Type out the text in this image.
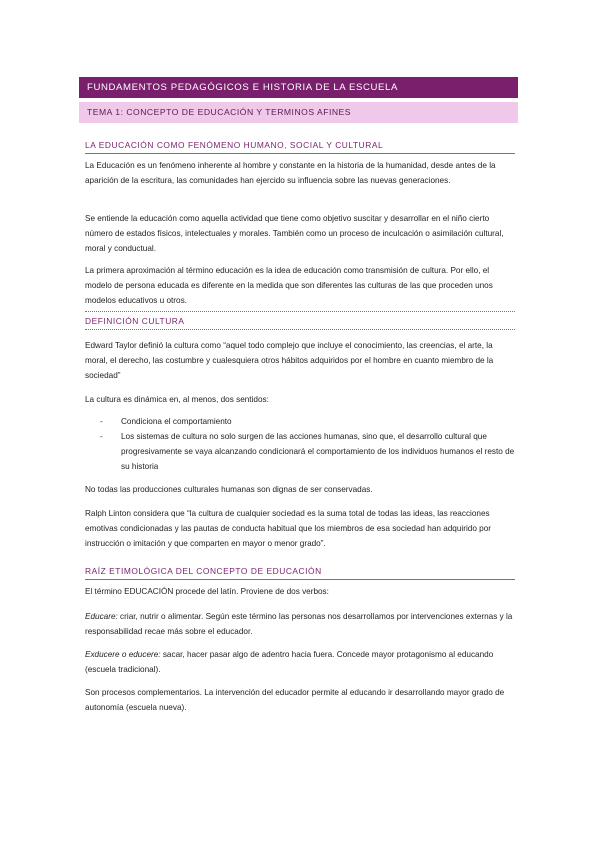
FUNDAMENTOS PEDAGÓGICOS E HISTORIA DE LA ESCUELA
TEMA 1: CONCEPTO DE EDUCACIÓN Y TERMINOS AFINES
LA EDUCACIÓN COMO FENÓMENO HUMANO, SOCIAL Y CULTURAL

La Educación es un fenómeno inherente al hombre y constante en la historia de la humanidad, desde antes de la aparición de la escritura, las comunidades han ejercido su influencia sobre las nuevas generaciones.

Se entiende la educación como aquella actividad que tiene como objetivo suscitar y desarrollar en el niño cierto número de estados físicos, intelectuales y morales. También como un proceso de inculcación o asimilación cultural, moral y conductual.

La primera aproximación al término educación es la idea de educación como transmisión de cultura. Por ello, el modelo de persona educada es diferente en la medida que son diferentes las culturas de las que proceden unos modelos educativos u otros.

DEFINICIÓN CULTURA

Edward Taylor definió la cultura como “aquel todo complejo que incluye el conocimiento, las creencias, el arte, la moral, el derecho, las costumbre y cualesquiera otros hábitos adquiridos por el hombre en cuanto miembro de la sociedad”

La cultura es dinámica en, al menos, dos sentidos:

- Condiciona el comportamiento
- Los sistemas de cultura no solo surgen de las acciones humanas, sino que, el desarrollo cultural que progresivamente se vaya alcanzando condicionará el comportamiento de los individuos humanos el resto de su historia

No todas las producciones culturales humanas son dignas de ser conservadas.

Ralph Linton considera que “la cultura de cualquier sociedad es la suma total de todas las ideas, las reacciones emotivas condicionadas y las pautas de conducta habitual que los miembros de esa sociedad han adquirido por instrucción o imitación y que comparten en mayor o menor grado”.

RAÍZ ETIMOLÓGICA DEL CONCEPTO DE EDUCACIÓN

El término EDUCACIÓN procede del latín. Proviene de dos verbos:

Educare: criar, nutrir o alimentar. Según este término las personas nos desarrollamos por intervenciones externas y la responsabilidad recae más sobre el educador.

Exducere o educere: sacar, hacer pasar algo de adentro hacia fuera. Concede mayor protagonismo al educando (escuela tradicional).

Son procesos complementarios. La intervención del educador permite al educando ir desarrollando mayor grado de autonomía (escuela nueva).
